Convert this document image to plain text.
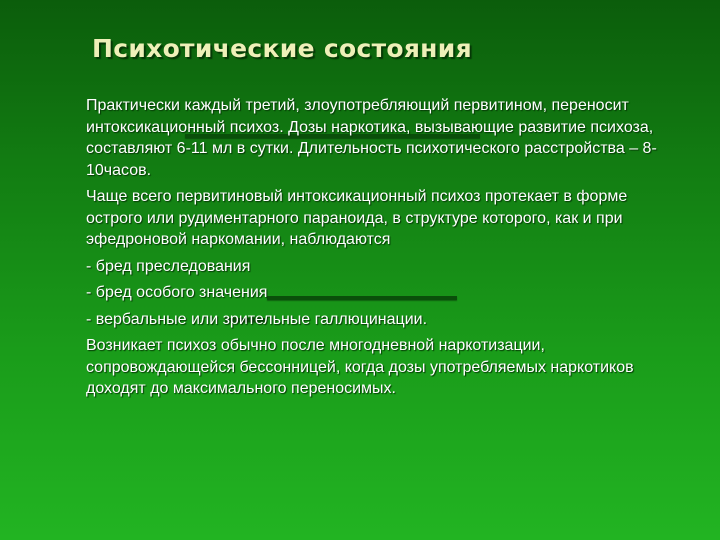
Психотические состояния

Практически каждый третий, злоупотребляющий первитином, переносит интоксикационный психоз. Дозы наркотика, вызывающие развитие психоза, составляют 6-11 мл в сутки. Длительность психотического расстройства – 8-10часов.

Чаще всего первитиновый интоксикационный психоз протекает в форме острого или рудиментарного параноида, в структуре которого, как и при эфедроновой наркомании, наблюдаются

- бред преследования

- бред особого значения

- вербальные или зрительные галлюцинации.

Возникает психоз обычно после многодневной наркотизации, сопровождающейся бессонницей, когда дозы употребляемых наркотиков доходят до максимального переносимых.
